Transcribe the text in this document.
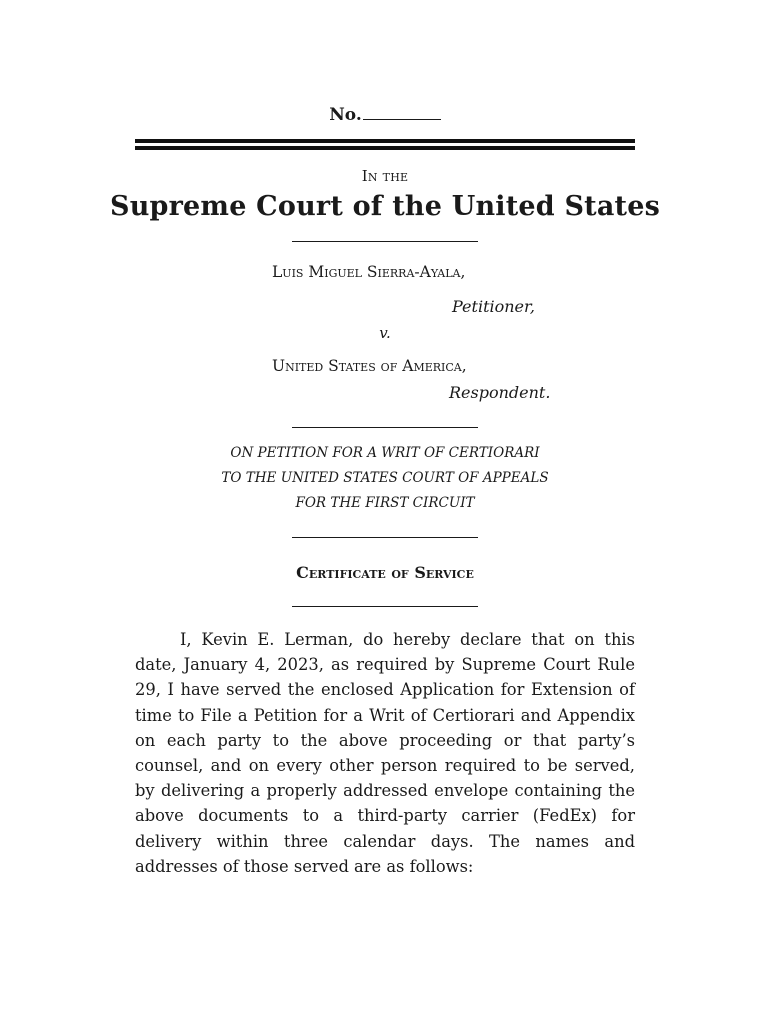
No.
In the
Supreme Court of the United States
Luis Miguel Sierra-Ayala,
Petitioner,
v.
United States of America,
Respondent.
ON PETITION FOR A WRIT OF CERTIORARI
TO THE UNITED STATES COURT OF APPEALS
FOR THE FIRST CIRCUIT
Certificate of Service
I, Kevin E. Lerman, do hereby declare that on this date, January 4, 2023, as required by Supreme Court Rule 29, I have served the enclosed Application for Extension of time to File a Petition for a Writ of Certiorari and Appendix on each party to the above proceeding or that party’s counsel, and on every other person required to be served, by delivering a properly addressed envelope containing the above documents to a third-party carrier (FedEx) for delivery within three calendar days. The names and addresses of those served are as follows:
